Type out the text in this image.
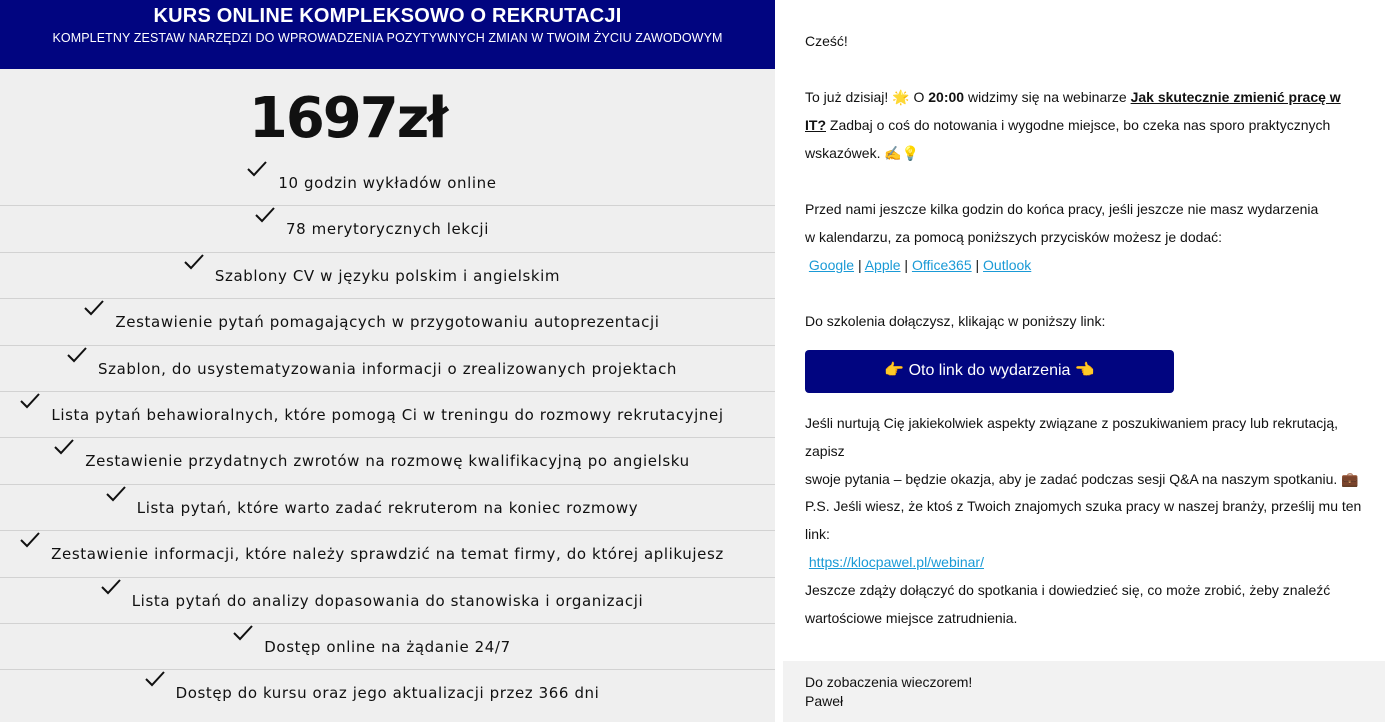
KURS ONLINE KOMPLEKSOWO O REKRUTACJI
KOMPLETNY ZESTAW NARZĘDZI DO WPROWADZENIA POZYTYWNYCH ZMIAN W TWOIM ŻYCIU ZAWODOWYM
1697zł
10 godzin wykładów online
78 merytorycznych lekcji
Szablony CV w języku polskim i angielskim
Zestawienie pytań pomagających w przygotowaniu autoprezentacji
Szablon, do usystematyzowania informacji o zrealizowanych projektach
Lista pytań behawioralnych, które pomogą Ci w treningu do rozmowy rekrutacyjnej
Zestawienie przydatnych zwrotów na rozmowę kwalifikacyjną po angielsku
Lista pytań, które warto zadać rekruterom na koniec rozmowy
Zestawienie informacji, które należy sprawdzić na temat firmy, do której aplikujesz
Lista pytań do analizy dopasowania do stanowiska i organizacji
Dostęp online na żądanie 24/7
Dostęp do kursu oraz jego aktualizacji przez 366 dni
Cześć!
To już dzisiaj! 🌟 O 20:00 widzimy się na webinarze Jak skutecznie zmienić pracę w
IT? Zadbaj o coś do notowania i wygodne miejsce, bo czeka nas sporo praktycznych
wskazówek. ✍️💡
Przed nami jeszcze kilka godzin do końca pracy, jeśli jeszcze nie masz wydarzenia
w kalendarzu, za pomocą poniższych przycisków możesz je dodać:
Google | Apple | Office365 | Outlook
Do szkolenia dołączysz, klikając w poniższy link:
👉 Oto link do wydarzenia 👈
Jeśli nurtują Cię jakiekolwiek aspekty związane z poszukiwaniem pracy lub rekrutacją, zapisz
swoje pytania – będzie okazja, aby je zadać podczas sesji Q&A na naszym spotkaniu. 💼
P.S. Jeśli wiesz, że ktoś z Twoich znajomych szuka pracy w naszej branży, prześlij mu ten
link:
https://klocpawel.pl/webinar/
Jeszcze zdąży dołączyć do spotkania i dowiedzieć się, co może zrobić, żeby znaleźć
wartościowe miejsce zatrudnienia.
Do zobaczenia wieczorem!
Paweł
